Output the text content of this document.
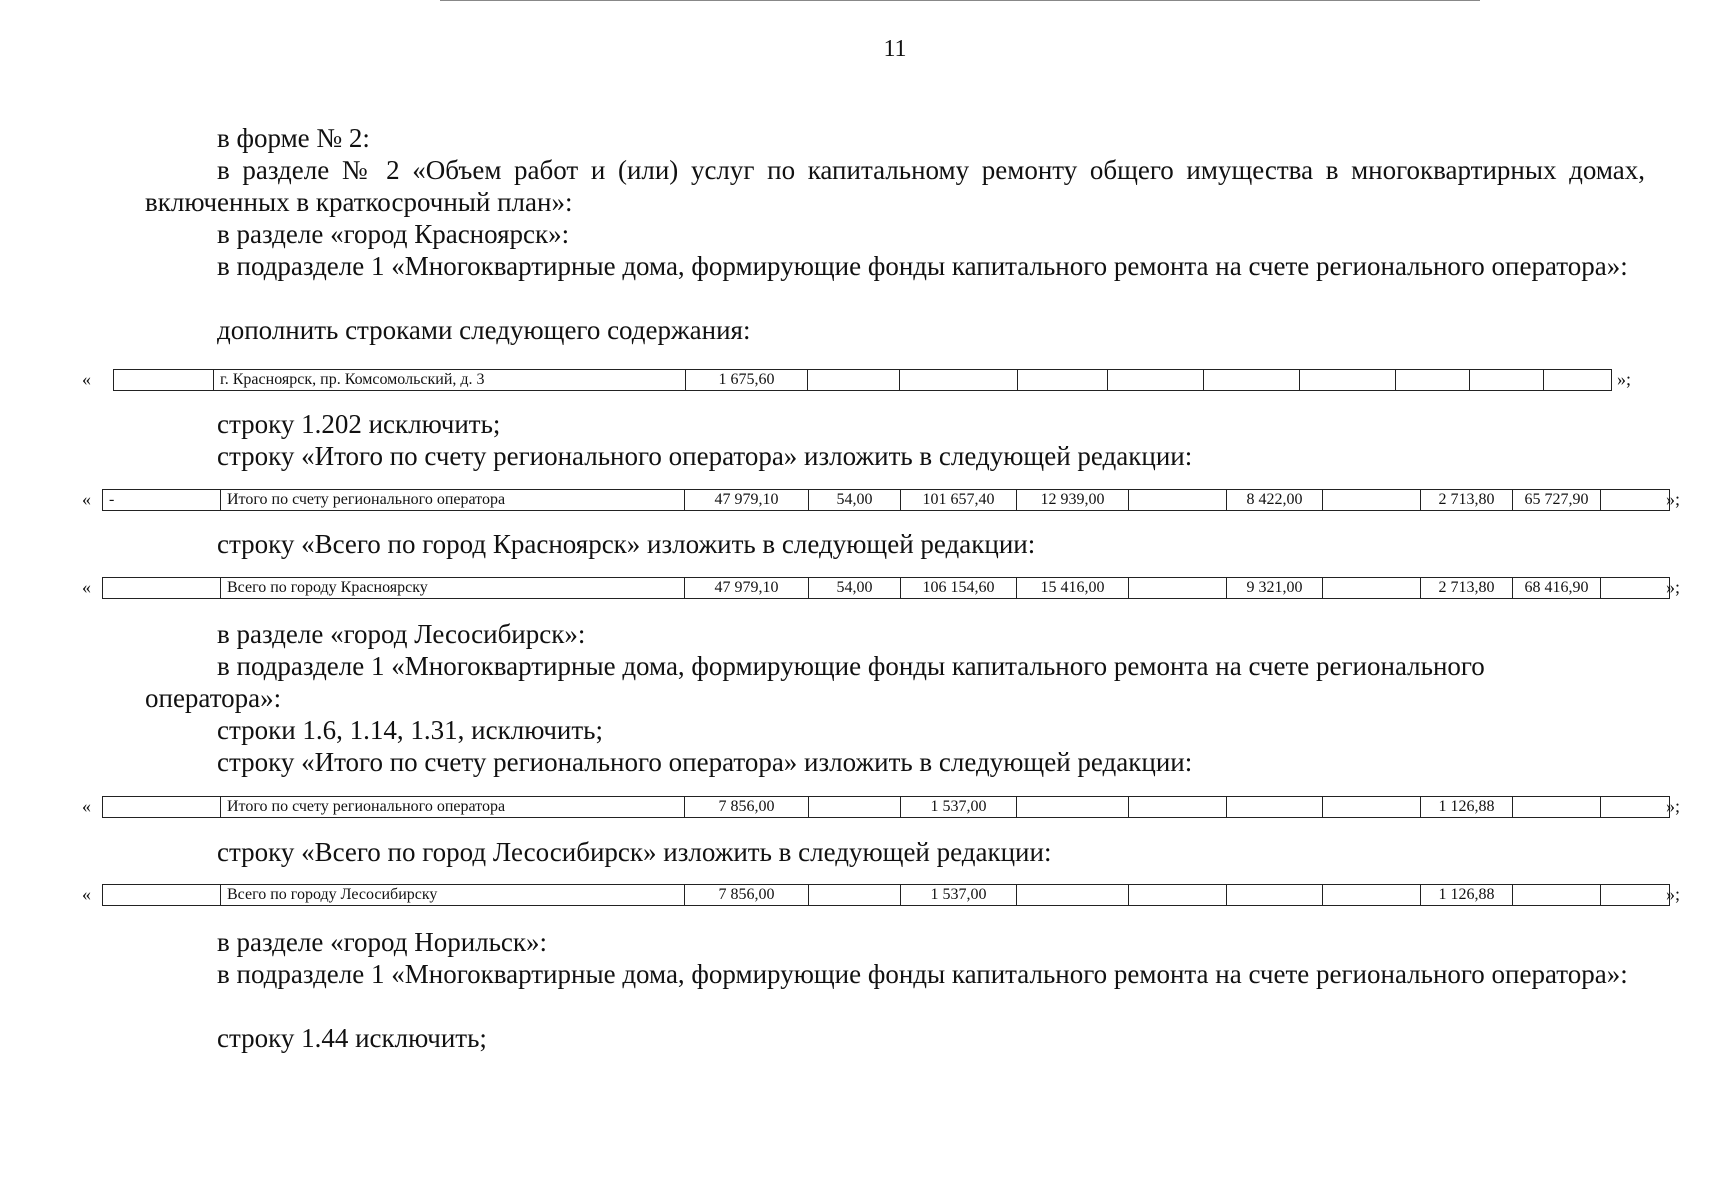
11

в форме № 2:

в разделе № 2 «Объем работ и (или) услуг по капитальному ремонту общего имущества в многоквартирных домах, включенных в краткосрочный план»:

в разделе «город Красноярск»:

в подразделе 1 «Многоквартирные дома, формирующие фонды капитального ремонта на счете регионального оператора»:

дополнить строками следующего содержания:

«
		г. Красноярск, пр. Комсомольский, д. 3	1 675,60										»;

строку 1.202 исключить;

строку «Итого по счету регионального оператора» изложить в следующей редакции:

« -	Итого по счету регионального оператора	47 979,10	54,00	101 657,40	12 939,00		8 422,00		2 713,80	65 727,90		»;

строку «Всего по город Красноярск» изложить в следующей редакции:

«
		Всего по городу Красноярску	47 979,10	54,00	106 154,60	15 416,00		9 321,00		2 713,80	68 416,90		»;

в разделе «город Лесосибирск»:

в подразделе 1 «Многоквартирные дома, формирующие фонды капитального ремонта на счете регионального оператора»:

строки 1.6, 1.14, 1.31, исключить;

строку «Итого по счету регионального оператора» изложить в следующей редакции:

«
		Итого по счету регионального оператора	7 856,00		1 537,00					1 126,88			»;

строку «Всего по город Лесосибирск» изложить в следующей редакции:

«
		Всего по городу Лесосибирску	7 856,00		1 537,00					1 126,88			»;

в разделе «город Норильск»:

в подразделе 1 «Многоквартирные дома, формирующие фонды капитального ремонта на счете регионального оператора»:

строку 1.44 исключить;
